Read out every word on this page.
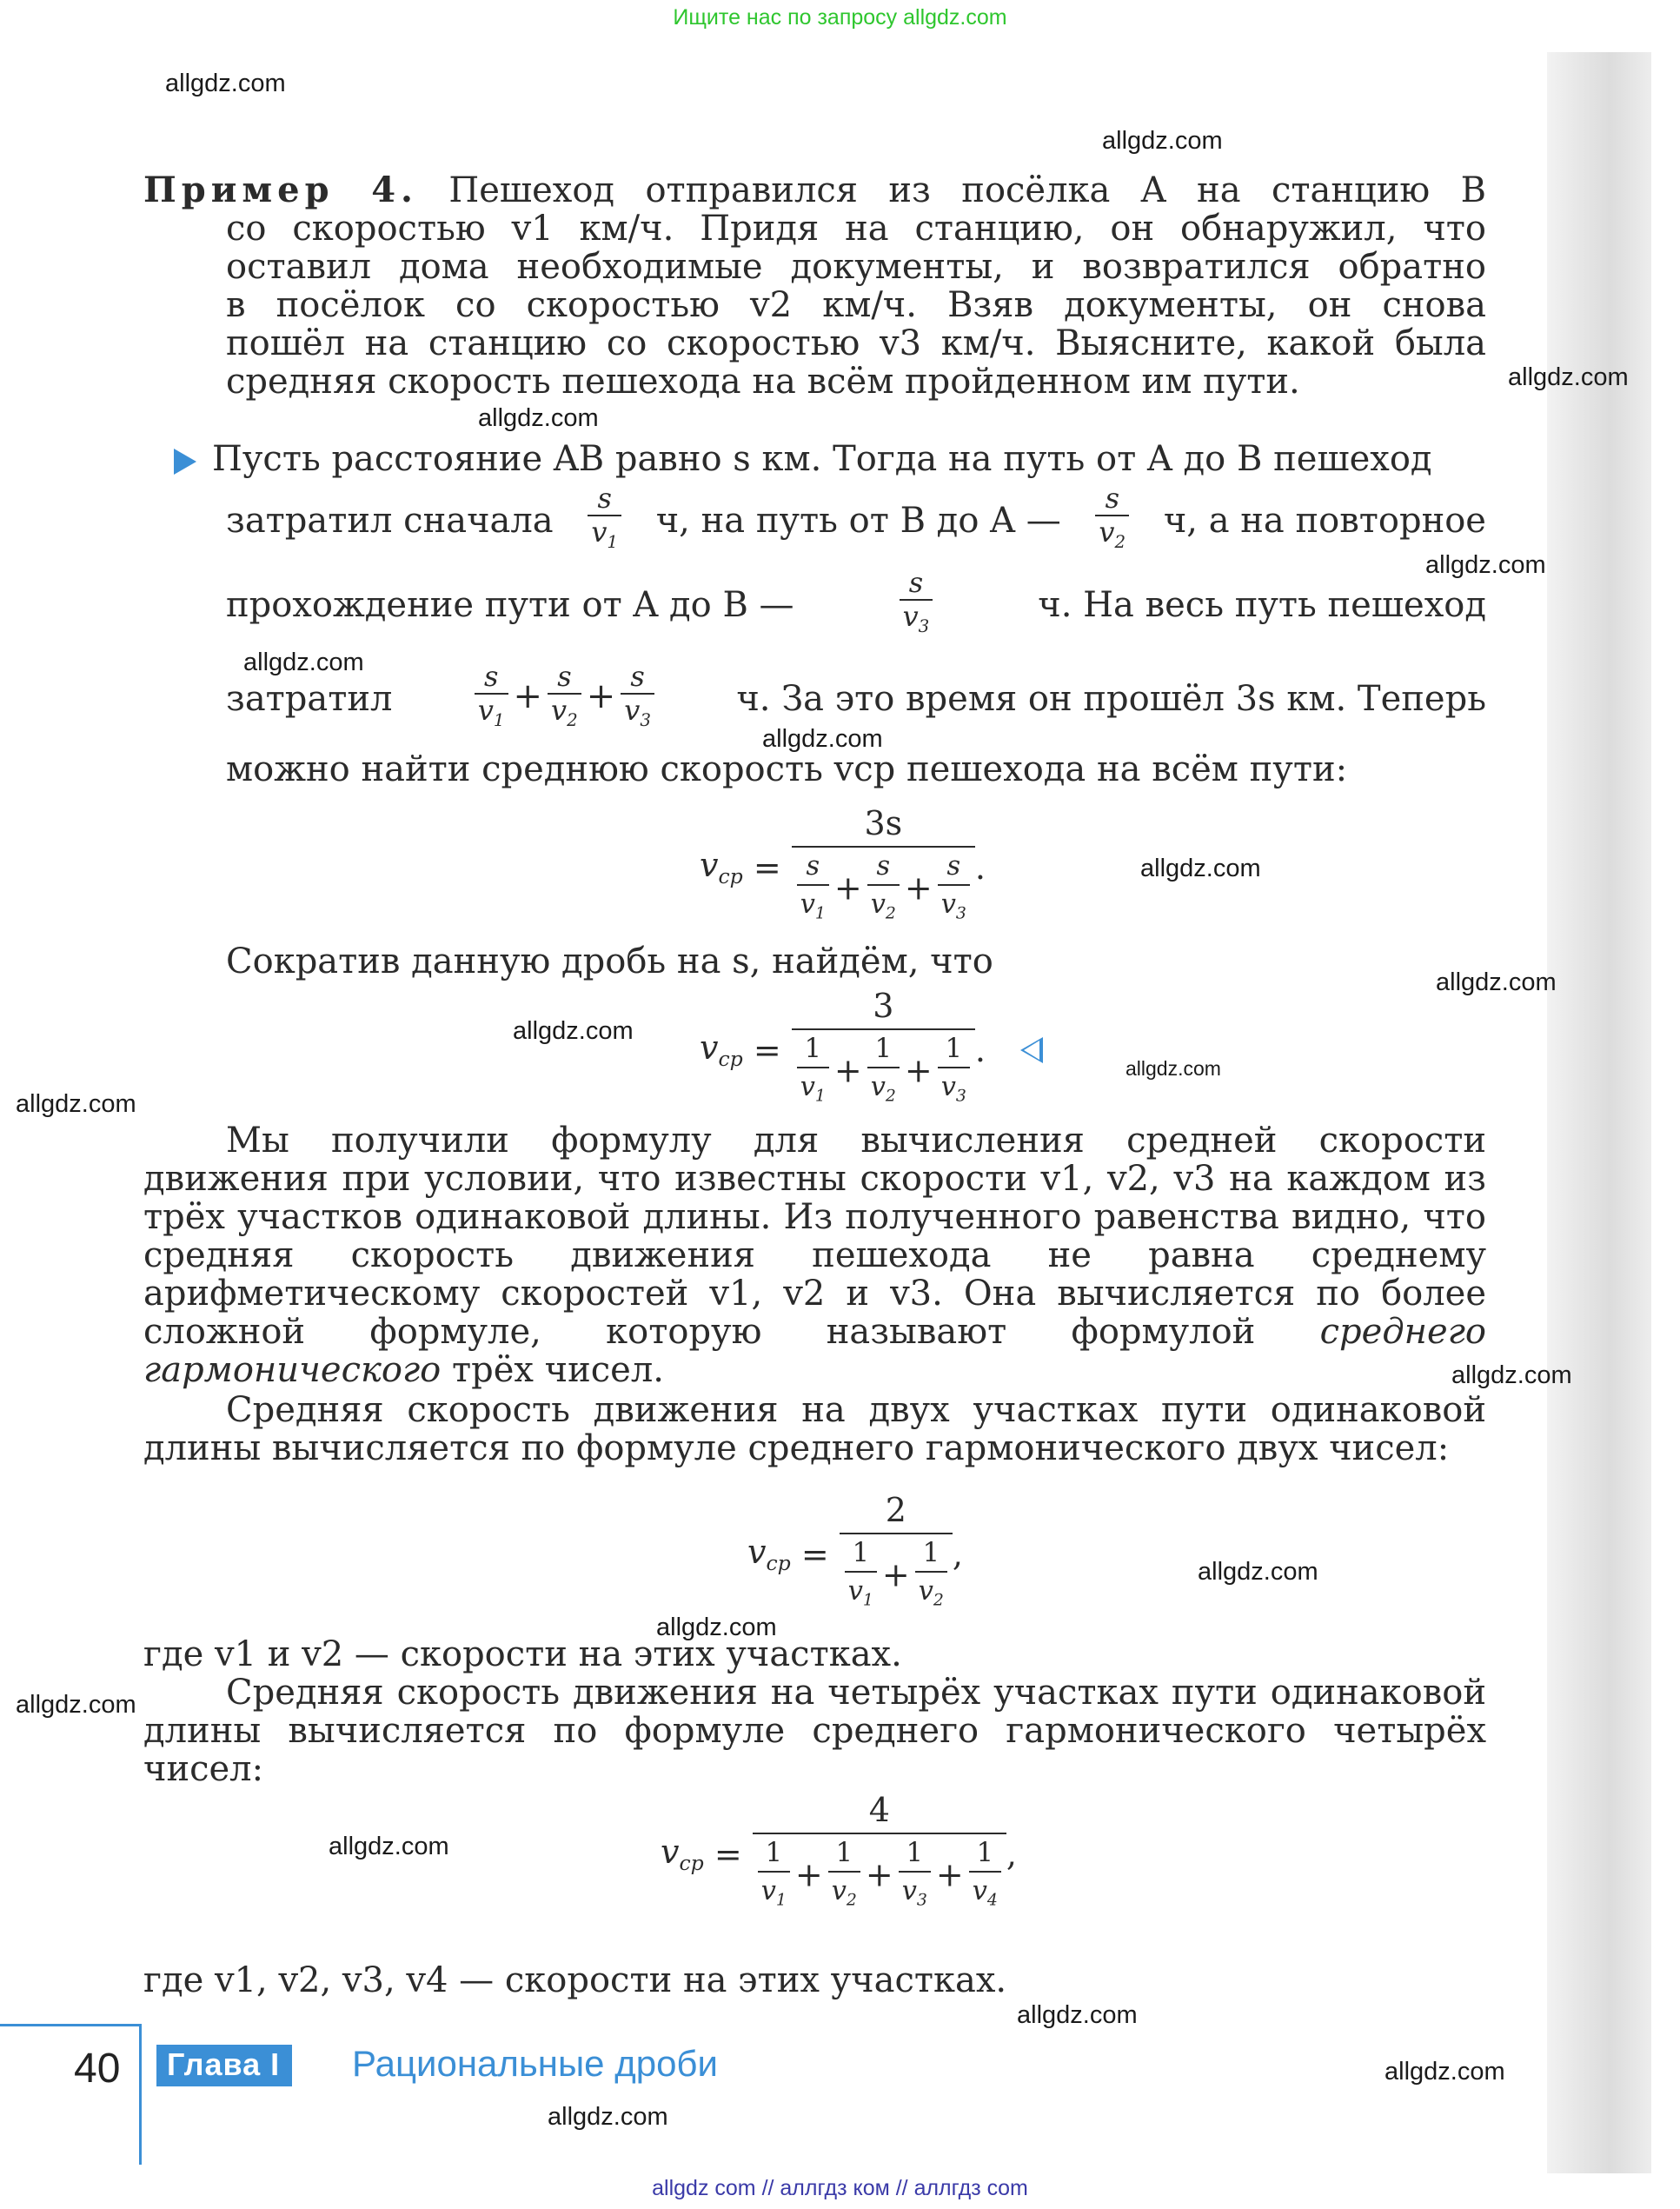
Ищите нас по запросу allgdz.com
allgdz.com
allgdz.com
allgdz.com
allgdz.com
allgdz.com
allgdz.com
allgdz.com
allgdz.com
allgdz.com
allgdz.com
allgdz.com
allgdz.com
allgdz.com
allgdz.com
allgdz.com
allgdz.com
allgdz.com
allgdz.com
allgdz.com
allgdz.com
Пример 4. Пешеход отправился из посёлка A на станцию B
со скоростью v1 км/ч. Придя на станцию, он обнаружил, что
оставил дома необходимые документы, и возвратился обратно
в посёлок со скоростью v2 км/ч. Взяв документы, он снова
пошёл на станцию со скоростью v3 км/ч. Выясните, какой была
средняя скорость пешехода на всём пройденном им пути.
Пусть расстояние AB равно s км. Тогда на путь от A до B пешеход
затратил сначала $\frac{s}{v_1} ч$, на путь от B до A — $\frac{s}{v_2} ч$, а на повторное
прохождение пути от A до B —	$\frac{s}{v_3}$	ч. На весь путь пешеход
затратил	$\frac{s}{v_1} + \frac{s}{v_2} + \frac{s}{v_3} ч$. За это время он прошёл 3s км. Теперь
можно найти среднюю скорость vср пешехода на всём пути:
$v_{ср} = \frac{3s}{\frac{s}{v_1} + \frac{s}{v_2} + \frac{s}{v_3}}$ .
Сократив данную дробь на s, найдём, что
$v_{ср} = \frac{3}{\frac{1}{v_1} + \frac{1}{v_2} + \frac{1}{v_3}}$ .
Мы получили формулу для вычисления средней скорости движения при условии, что известны скорости v1, v2, v3 на каждом из трёх участков одинаковой длины. Из полученного равенства видно, что средняя скорость движения пешехода не равна среднему арифметическому скоростей v1, v2 и v3. Она вычисляется по более сложной формуле, которую называют формулой среднего гармонического трёх чисел.
Средняя скорость движения на двух участках пути одинаковой длины вычисляется по формуле среднего гармонического двух чисел:
$v_{ср} = \frac{2}{\frac{1}{v_1} + \frac{1}{v_2}}$ ,
где v1 и v2 — скорости на этих участках.
Средняя скорость движения на четырёх участках пути одинаковой длины вычисляется по формуле среднего гармонического четырёх чисел:
$v_{ср} = \frac{4}{\frac{1}{v_1} + \frac{1}{v_2} + \frac{1}{v_3} + \frac{1}{v_4}}$ ,
где v1, v2, v3, v4 — скорости на этих участках.
40	Глава I	Рациональные дроби
allgdz com // аллгдз ком // аллгдз com
